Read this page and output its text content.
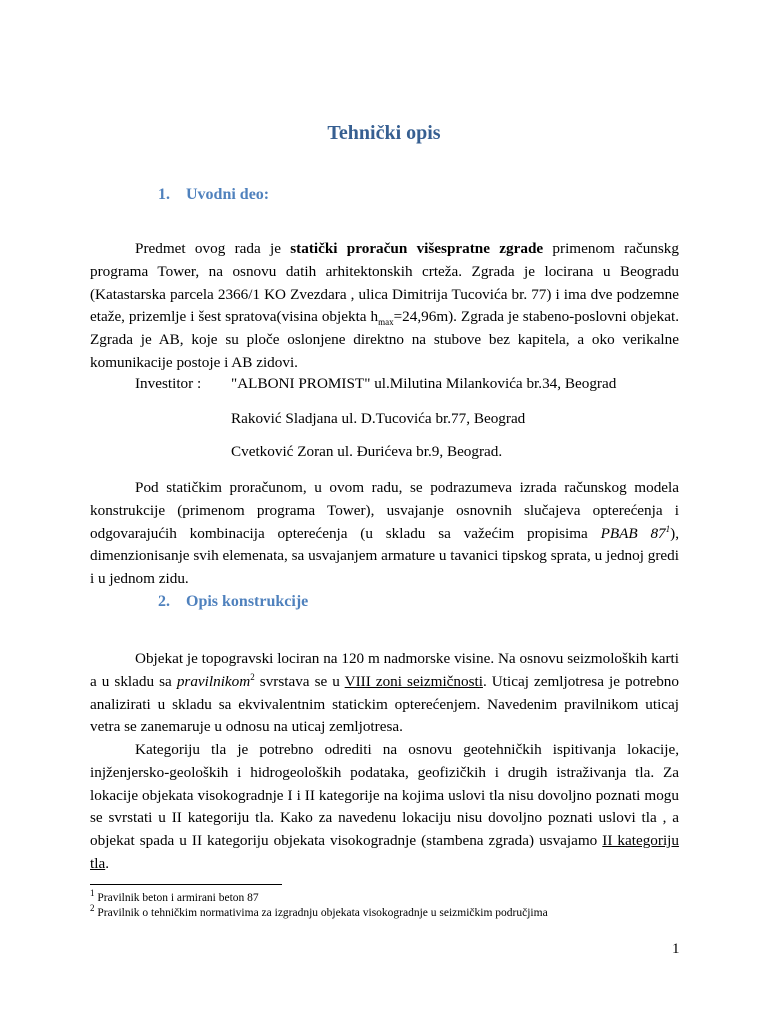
Tehnički opis
1. Uvodni deo:

Predmet ovog rada je statički proračun višespratne zgrade primenom računskg programa Tower, na osnovu datih arhitektonskih crteža. Zgrada je locirana u Beogradu (Katastarska parcela 2366/1 KO Zvezdara , ulica Dimitrija Tucovića br. 77) i ima dve podzemne etaže, prizemlje i šest spratova(visina objekta $h_{max}=24,96m$). Zgrada je stabeno-poslovni objekat. Zgrada je AB, koje su ploče oslonjene direktno na stubove bez kapitela, a oko verikalne komunikacije postoje i AB zidovi.

Investitor : "ALBONI PROMIST" ul.Milutina Milankovića br.34, Beograd
Raković Sladjana ul. D.Tucovića br.77, Beograd
Cvetković Zoran ul. Đurićeva br.9, Beograd.

Pod statičkim proračunom, u ovom radu, se podrazumeva izrada računskog modela konstrukcije (primenom programa Tower), usvajanje osnovnih slučajeva opterećenja i odgovarajućih kombinacija opterećenja (u skladu sa važećim propisima PBAB $87^1$), dimenzionisanje svih elemenata, sa usvajanjem armature u tavanici tipskog sprata, u jednoj gredi i u jednom zidu.

2. Opis konstrukcije

Objekat je topogravski lociran na 120 m nadmorske visine. Na osnovu seizmoloških karti a u skladu sa pravilnikom$^2$ svrstava se u VIII zoni seizmičnosti. Uticaj zemljotresa je potrebno analizirati u skladu sa ekvivalentnim statickim opterećenjem. Navedenim pravilnikom uticaj vetra se zanemaruje u odnosu na uticaj zemljotresa.

Kategoriju tla je potrebno odrediti na osnovu geotehničkih ispitivanja lokacije, injženjersko-geoloških i hidrogeoloških podataka, geofizičkih i drugih istraživanja tla. Za lokacije objekata visokogradnje I i II kategorije na kojima uslovi tla nisu dovoljno poznati mogu se svrstati u II kategoriju tla. Kako za navedenu lokaciju nisu dovoljno poznati uslovi tla , a objekat spada u II kategoriju objekata visokogradnje (stambena zgrada) usvajamo II kategoriju tla.

$^1$ Pravilnik beton i armirani beton 87
$^2$ Pravilnik o tehničkim normativima za izgradnju objekata visokogradnje u seizmičkim područjima
1
